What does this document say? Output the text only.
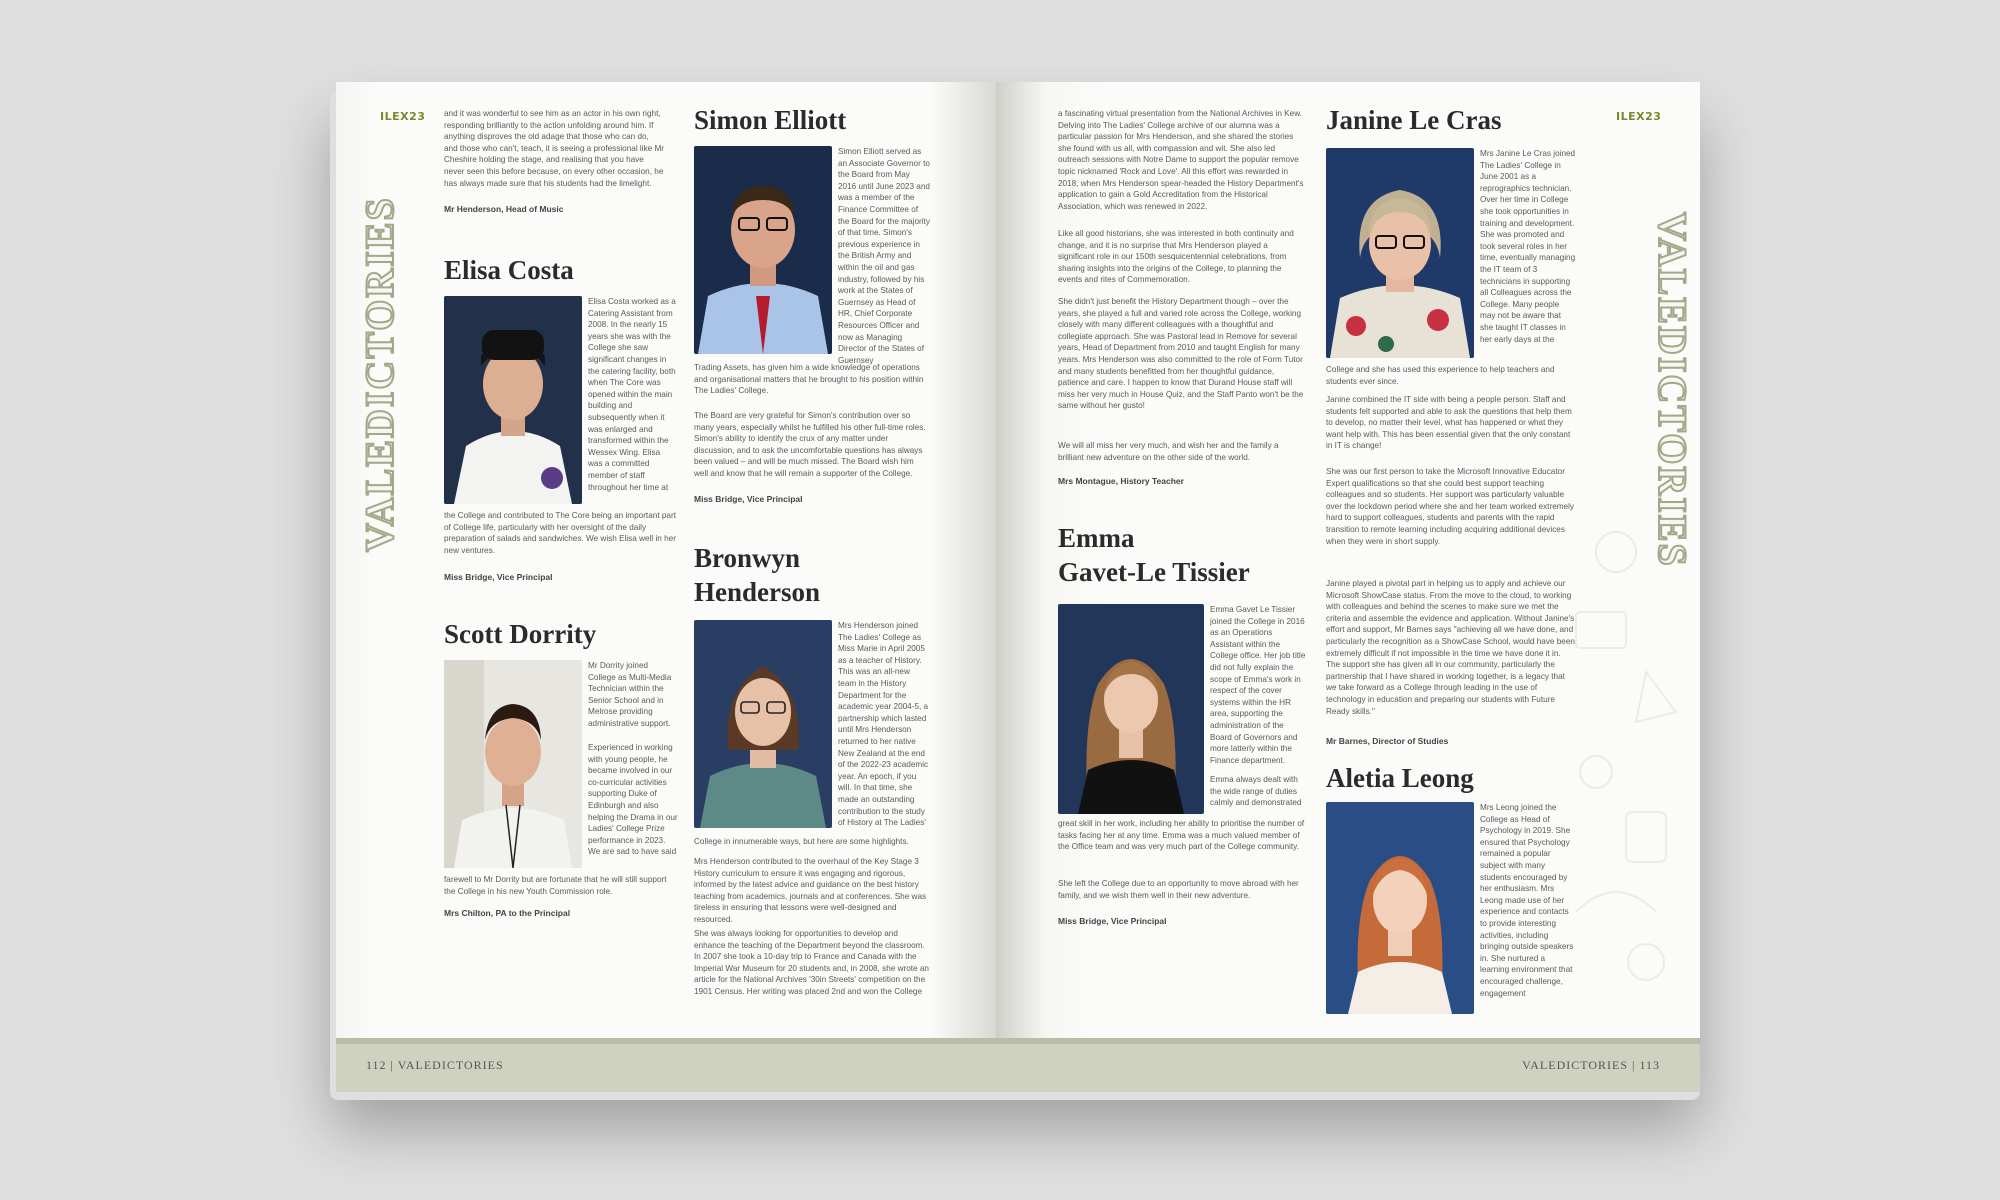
ILEX23
VALEDICTORIES
and it was wonderful to see him as an actor in his own right, responding brilliantly to the action unfolding around him. If anything disproves the old adage that those who can do, and those who can't, teach, it is seeing a professional like Mr Cheshire holding the stage, and realising that you have never seen this before because, on every other occasion, he has always made sure that his students had the limelight.
Mr Henderson, Head of Music
Elisa Costa
Elisa Costa worked as a Catering Assistant from 2008. In the nearly 15 years she was with the College she saw significant changes in the catering facility, both when The Core was opened within the main building and subsequently when it was enlarged and transformed within the Wessex Wing. Elisa was a committed member of staff throughout her time at
the College and contributed to The Core being an important part of College life, particularly with her oversight of the daily preparation of salads and sandwiches. We wish Elisa well in her new ventures.
Miss Bridge, Vice Principal
Scott Dorrity
Mr Dorrity joined College as Multi-Media Technician within the Senior School and in Melrose providing administrative support.
Experienced in working with young people, he became involved in our co-curricular activities supporting Duke of Edinburgh and also helping the Drama in our Ladies' College Prize performance in 2023. We are sad to have said
farewell to Mr Dorrity but are fortunate that he will still support the College in his new Youth Commission role.
Mrs Chilton, PA to the Principal
Simon Elliott
Simon Elliott served as an Associate Governor to the Board from May 2016 until June 2023 and was a member of the Finance Committee of the Board for the majority of that time. Simon's previous experience in the British Army and within the oil and gas industry, followed by his work at the States of Guernsey as Head of HR, Chief Corporate Resources Officer and now as Managing Director of the States of Guernsey
Trading Assets, has given him a wide knowledge of operations and organisational matters that he brought to his position within The Ladies' College.
The Board are very grateful for Simon's contribution over so many years, especially whilst he fulfilled his other full-time roles. Simon's ability to identify the crux of any matter under discussion, and to ask the uncomfortable questions has always been valued – and will be much missed. The Board wish him well and know that he will remain a supporter of the College.
Miss Bridge, Vice Principal
Bronwyn
Henderson
Mrs Henderson joined The Ladies' College as Miss Marie in April 2005 as a teacher of History. This was an all-new team in the History Department for the academic year 2004-5, a partnership which lasted until Mrs Henderson returned to her native New Zealand at the end of the 2022-23 academic year. An epoch, if you will. In that time, she made an outstanding contribution to the study of History at The Ladies'
College in innumerable ways, but here are some highlights.
Mrs Henderson contributed to the overhaul of the Key Stage 3 History curriculum to ensure it was engaging and rigorous, informed by the latest advice and guidance on the best history teaching from academics, journals and at conferences. She was tireless in ensuring that lessons were well-designed and resourced.
She was always looking for opportunities to develop and enhance the teaching of the Department beyond the classroom. In 2007 she took a 10-day trip to France and Canada with the Imperial War Museum for 20 students and, in 2008, she wrote an article for the National Archives '30in Streets' competition on the 1901 Census. Her writing was placed 2nd and won the College
112 | VALEDICTORIES
ILEX23
VALEDICTORIES
a fascinating virtual presentation from the National Archives in Kew. Delving into The Ladies' College archive of our alumna was a particular passion for Mrs Henderson, and she shared the stories she found with us all, with compassion and wit. She also led outreach sessions with Notre Dame to support the popular remove topic nicknamed 'Rock and Love'. All this effort was rewarded in 2018, when Mrs Henderson spear-headed the History Department's application to gain a Gold Accreditation from the Historical Association, which was renewed in 2022.
Like all good historians, she was interested in both continuity and change, and it is no surprise that Mrs Henderson played a significant role in our 150th sesquicentennial celebrations, from sharing insights into the origins of the College, to planning the events and rites of Commemoration.
She didn't just benefit the History Department though – over the years, she played a full and varied role across the College, working closely with many different colleagues with a thoughtful and collegiate approach. She was Pastoral lead in Remove for several years, Head of Department from 2010 and taught English for many years. Mrs Henderson was also committed to the role of Form Tutor and many students benefitted from her thoughtful guidance, patience and care. I happen to know that Durand House staff will miss her very much in House Quiz, and the Staff Panto won't be the same without her gusto!
We will all miss her very much, and wish her and the family a brilliant new adventure on the other side of the world.
Mrs Montague, History Teacher
Emma
Gavet-Le Tissier
Emma Gavet Le Tissier joined the College in 2016 as an Operations Assistant within the College office. Her job title did not fully explain the scope of Emma's work in respect of the cover systems within the HR area, supporting the administration of the Board of Governors and more latterly within the Finance department.
Emma always dealt with the wide range of duties calmly and demonstrated
great skill in her work, including her ability to prioritise the number of tasks facing her at any time. Emma was a much valued member of the Office team and was very much part of the College community.
She left the College due to an opportunity to move abroad with her family, and we wish them well in their new adventure.
Miss Bridge, Vice Principal
Janine Le Cras
Mrs Janine Le Cras joined The Ladies' College in June 2001 as a reprographics technician. Over her time in College she took opportunities in training and development. She was promoted and took several roles in her time, eventually managing the IT team of 3 technicians in supporting all Colleagues across the College. Many people may not be aware that she taught IT classes in her early days at the
College and she has used this experience to help teachers and students ever since.
Janine combined the IT side with being a people person. Staff and students felt supported and able to ask the questions that help them to develop, no matter their level, what has happened or what they want help with. This has been essential given that the only constant in IT is change!
She was our first person to take the Microsoft Innovative Educator Expert qualifications so that she could best support teaching colleagues and so students. Her support was particularly valuable over the lockdown period where she and her team worked extremely hard to support colleagues, students and parents with the rapid transition to remote learning including acquiring additional devices when they were in short supply.
Janine played a pivotal part in helping us to apply and achieve our Microsoft ShowCase status. From the move to the cloud, to working with colleagues and behind the scenes to make sure we met the criteria and assemble the evidence and application. Without Janine's effort and support, Mr Barnes says "achieving all we have done, and particularly the recognition as a ShowCase School, would have been extremely difficult if not impossible in the time we have done it in. The support she has given all in our community, particularly the partnership that I have shared in working together, is a legacy that we take forward as a College through leading in the use of technology in education and preparing our students with Future Ready skills."
Mr Barnes, Director of Studies
Aletia Leong
Mrs Leong joined the College as Head of Psychology in 2019. She ensured that Psychology remained a popular subject with many students encouraged by her enthusiasm. Mrs Leong made use of her experience and contacts to provide interesting activities, including bringing outside speakers in. She nurtured a learning environment that encouraged challenge, engagement
VALEDICTORIES | 113
